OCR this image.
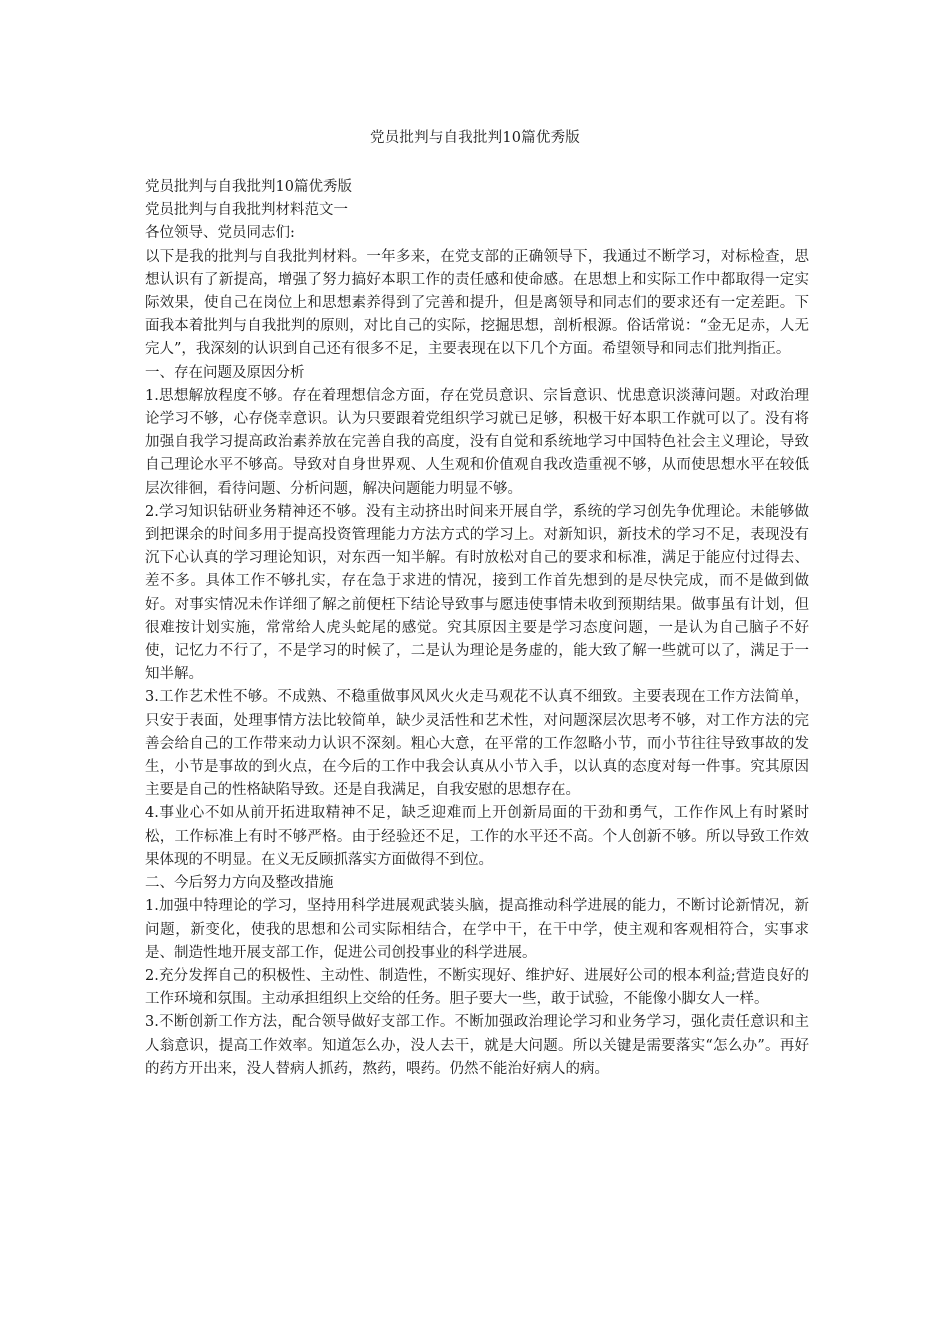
党员批判与自我批判10篇优秀版

党员批判与自我批判10篇优秀版

党员批判与自我批判材料范文一

各位领导、党员同志们:

以下是我的批判与自我批判材料。一年多来，在党支部的正确领导下，我通过不断学习，对标检查，思想认识有了新提高，增强了努力搞好本职工作的责任感和使命感。在思想上和实际工作中都取得一定实际效果，使自己在岗位上和思想素养得到了完善和提升，但是离领导和同志们的要求还有一定差距。下面我本着批判与自我批判的原则，对比自己的实际，挖掘思想，剖析根源。俗话常说：“金无足赤，人无完人”，我深刻的认识到自己还有很多不足，主要表现在以下几个方面。希望领导和同志们批判指正。

一、存在问题及原因分析

1.思想解放程度不够。存在着理想信念方面，存在党员意识、宗旨意识、忧患意识淡薄问题。对政治理论学习不够，心存侥幸意识。认为只要跟着党组织学习就已足够，积极干好本职工作就可以了。没有将加强自我学习提高政治素养放在完善自我的高度，没有自觉和系统地学习中国特色社会主义理论，导致自己理论水平不够高。导致对自身世界观、人生观和价值观自我改造重视不够，从而使思想水平在较低层次徘徊，看待问题、分析问题，解决问题能力明显不够。

2.学习知识钻研业务精神还不够。没有主动挤出时间来开展自学，系统的学习创先争优理论。未能够做到把课余的时间多用于提高投资管理能力方法方式的学习上。对新知识，新技术的学习不足，表现没有沉下心认真的学习理论知识，对东西一知半解。有时放松对自己的要求和标准，满足于能应付过得去、差不多。具体工作不够扎实，存在急于求进的情况，接到工作首先想到的是尽快完成，而不是做到做好。对事实情况未作详细了解之前便枉下结论导致事与愿违使事情未收到预期结果。做事虽有计划，但很难按计划实施，常常给人虎头蛇尾的感觉。究其原因主要是学习态度问题，一是认为自己脑子不好使，记忆力不行了，不是学习的时候了，二是认为理论是务虚的，能大致了解一些就可以了，满足于一知半解。

3.工作艺术性不够。不成熟、不稳重做事风风火火走马观花不认真不细致。主要表现在工作方法简单，只安于表面，处理事情方法比较简单，缺少灵活性和艺术性，对问题深层次思考不够，对工作方法的完善会给自己的工作带来动力认识不深刻。粗心大意，在平常的工作忽略小节，而小节往往导致事故的发生，小节是事故的到火点，在今后的工作中我会认真从小节入手，以认真的态度对每一件事。究其原因主要是自己的性格缺陷导致。还是自我满足，自我安慰的思想存在。

4.事业心不如从前开拓进取精神不足，缺乏迎难而上开创新局面的干劲和勇气，工作作风上有时紧时松，工作标准上有时不够严格。由于经验还不足，工作的水平还不高。个人创新不够。所以导致工作效果体现的不明显。在义无反顾抓落实方面做得不到位。

二、今后努力方向及整改措施

1.加强中特理论的学习，坚持用科学进展观武装头脑，提高推动科学进展的能力，不断讨论新情况，新问题，新变化，使我的思想和公司实际相结合，在学中干，在干中学，使主观和客观相符合，实事求是、制造性地开展支部工作，促进公司创投事业的科学进展。

2.充分发挥自己的积极性、主动性、制造性，不断实现好、维护好、进展好公司的根本利益;营造良好的工作环境和氛围。主动承担组织上交给的任务。胆子要大一些，敢于试验，不能像小脚女人一样。

3.不断创新工作方法，配合领导做好支部工作。不断加强政治理论学习和业务学习，强化责任意识和主人翁意识，提高工作效率。知道怎么办，没人去干，就是大问题。所以关键是需要落实“怎么办”。再好的药方开出来，没人替病人抓药，熬药，喂药。仍然不能治好病人的病。
